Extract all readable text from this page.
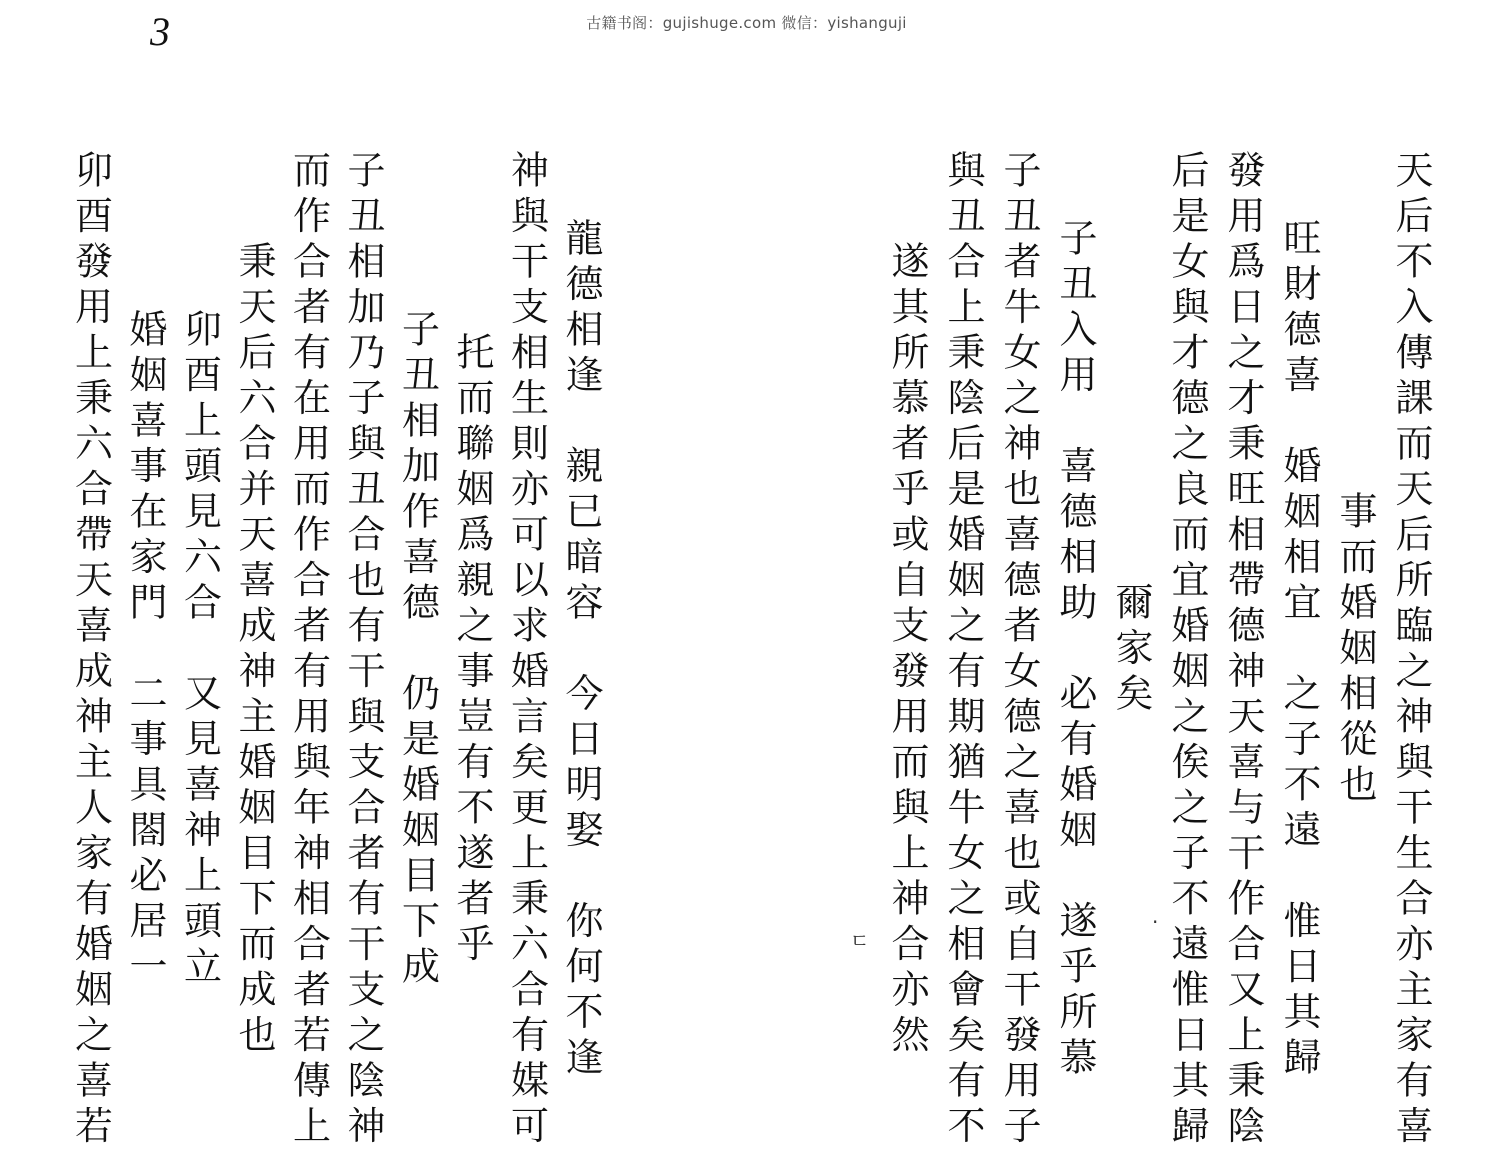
3	古籍书阁：gujishuge.com 微信：yishanguji
天后不入傳課而天后所臨之神與干生合亦主家有喜
事而婚姻相從也
旺財德喜　婚姻相宜　之子不遠　惟日其歸
發用爲日之才秉旺相帶德神天喜与干作合又上秉陰
后是女與才德之良而宜婚姻之俟之子不遠惟日其歸
爾家矣
子丑入用　喜德相助　必有婚姻　遂乎所慕
子丑者牛女之神也喜德者女德之喜也或自干發用子
與丑合上秉陰后是婚姻之有期猶牛女之相會矣有不
遂其所慕者乎或自支發用而與上神合亦然
龍德相逢　親已暗容　今日明娶　你何不逢
神與干支相生則亦可以求婚言矣更上秉六合有媒可
托而聯姻爲親之事豈有不遂者乎
子丑相加作喜德　仍是婚姻目下成
子丑相加乃子與丑合也有干與支合者有干支之陰神
而作合者有在用而作合者有用與年神相合者若傳上
秉天后六合并天喜成神主婚姻目下而成也
卯酉上頭見六合　又見喜神上頭立
婚姻喜事在家門　二事具閤必居一
卯酉發用上秉六合帶天喜成神主人家有婚姻之喜若	ㄷ
·
